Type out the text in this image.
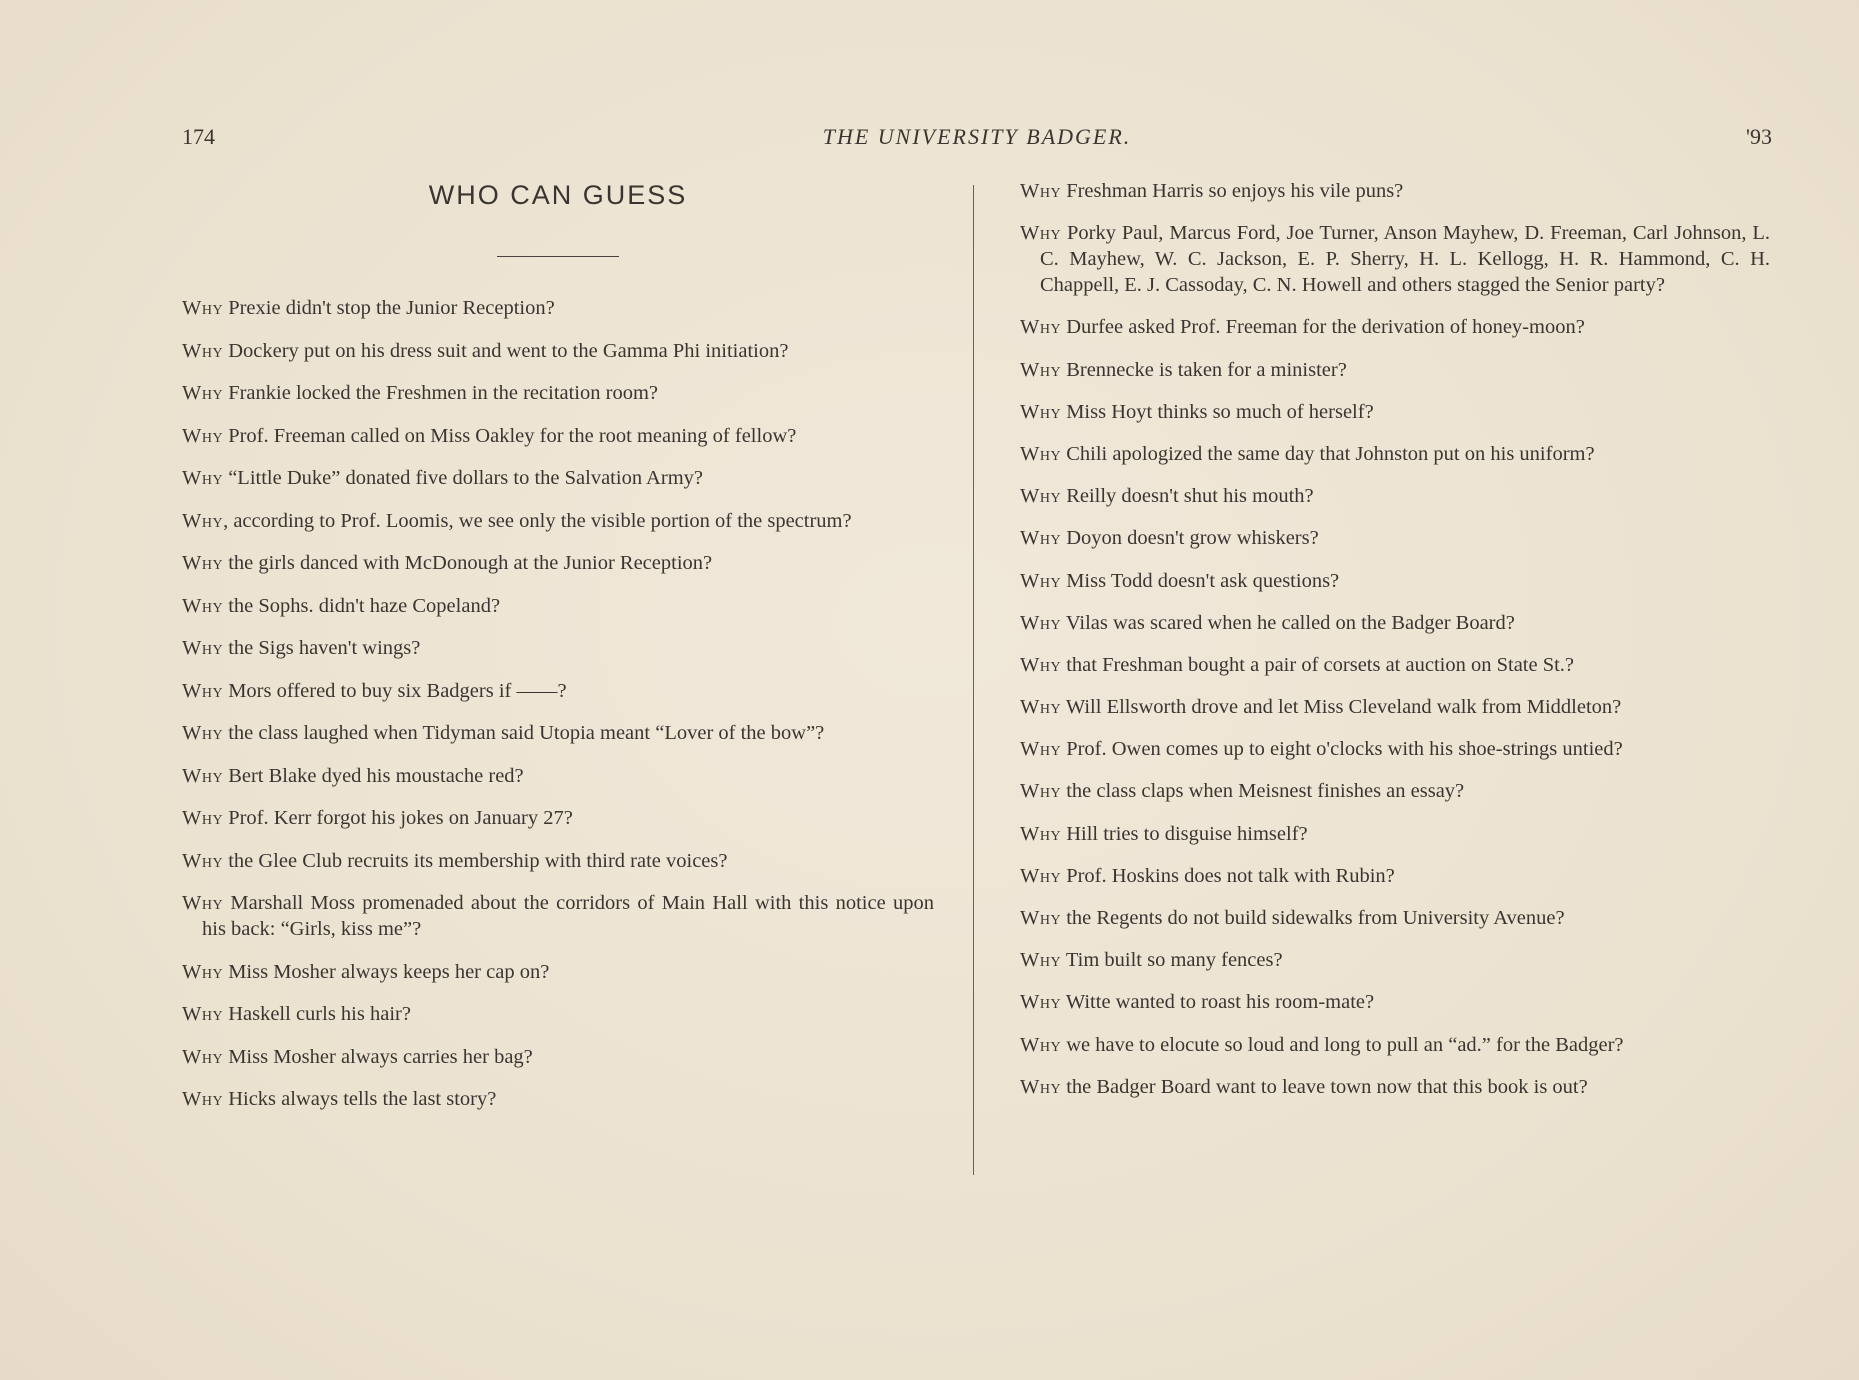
174	THE UNIVERSITY BADGER.	'93
WHO CAN GUESS

Why Prexie didn't stop the Junior Reception?

Why Dockery put on his dress suit and went to the Gamma Phi initiation?

Why Frankie locked the Freshmen in the recitation room?

Why Prof. Freeman called on Miss Oakley for the root meaning of fellow?

Why “Little Duke” donated five dollars to the Salvation Army?

Why, according to Prof. Loomis, we see only the visible portion of the spectrum?

Why the girls danced with McDonough at the Junior Reception?

Why the Sophs. didn't haze Copeland?

Why the Sigs haven't wings?

Why Mors offered to buy six Badgers if ——?

Why the class laughed when Tidyman said Utopia meant “Lover of the bow”?

Why Bert Blake dyed his moustache red?

Why Prof. Kerr forgot his jokes on January 27?

Why the Glee Club recruits its membership with third rate voices?

Why Marshall Moss promenaded about the corridors of Main Hall with this notice upon his back: “Girls, kiss me”?

Why Miss Mosher always keeps her cap on?

Why Haskell curls his hair?

Why Miss Mosher always carries her bag?

Why Hicks always tells the last story?

Why Freshman Harris so enjoys his vile puns?

Why Porky Paul, Marcus Ford, Joe Turner, Anson Mayhew, D. Freeman, Carl Johnson, L. C. Mayhew, W. C. Jackson, E. P. Sherry, H. L. Kellogg, H. R. Hammond, C. H. Chappell, E. J. Cassoday, C. N. Howell and others stagged the Senior party?

Why Durfee asked Prof. Freeman for the derivation of honey-moon?

Why Brennecke is taken for a minister?

Why Miss Hoyt thinks so much of herself?

Why Chili apologized the same day that Johnston put on his uniform?

Why Reilly doesn't shut his mouth?

Why Doyon doesn't grow whiskers?

Why Miss Todd doesn't ask questions?

Why Vilas was scared when he called on the Badger Board?

Why that Freshman bought a pair of corsets at auction on State St.?

Why Will Ellsworth drove and let Miss Cleveland walk from Middleton?

Why Prof. Owen comes up to eight o'clocks with his shoe-strings untied?

Why the class claps when Meisnest finishes an essay?

Why Hill tries to disguise himself?

Why Prof. Hoskins does not talk with Rubin?

Why the Regents do not build sidewalks from University Avenue?

Why Tim built so many fences?

Why Witte wanted to roast his room-mate?

Why we have to elocute so loud and long to pull an “ad.” for the Badger?

Why the Badger Board want to leave town now that this book is out?
